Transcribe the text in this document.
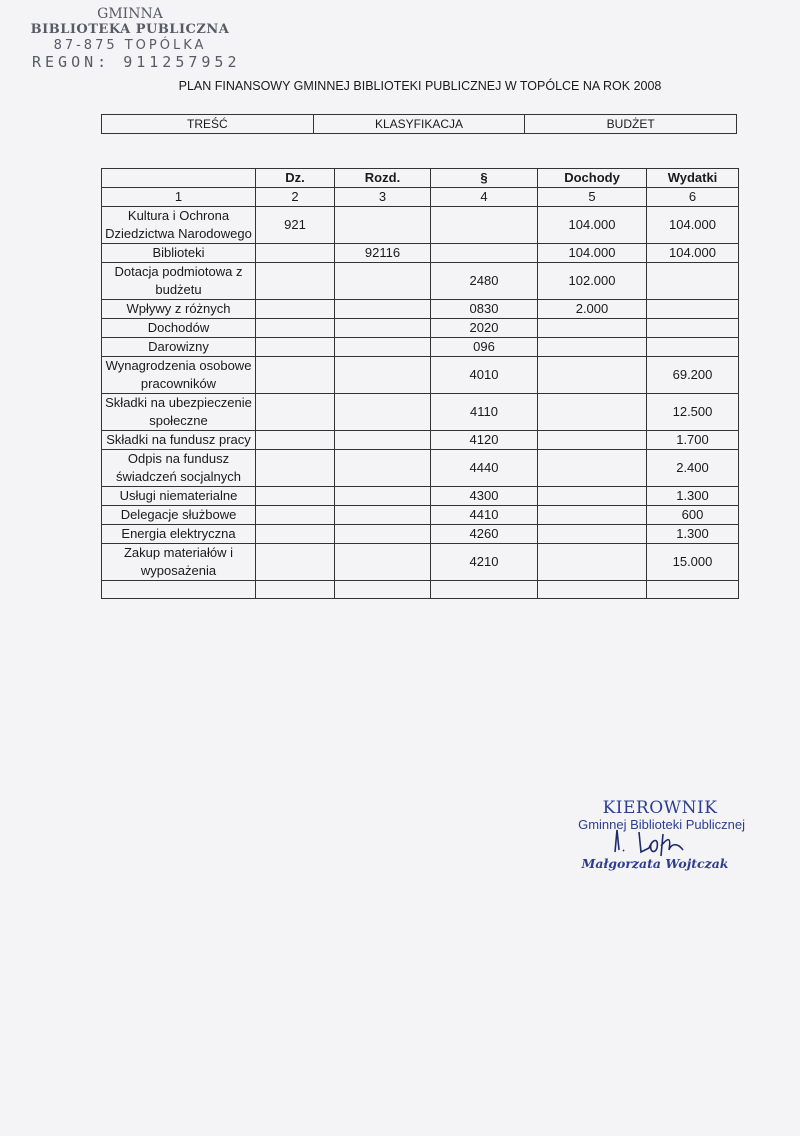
GMINNA
BIBLIOTEKA PUBLICZNA
87-875 TOPÓLKA
REGON: 911257952
PLAN FINANSOWY GMINNEJ BIBLIOTEKI PUBLICZNEJ W TOPÓLCE NA ROK 2008
TREŚĆ	KLASYFIKACJA	BUDŻET
	Dz.	Rozd.	§	Dochody	Wydatki
1	2	3	4	5	6
Kultura i Ochrona Dziedzictwa Narodowego	921			104.000	104.000
Biblioteki		92116		104.000	104.000
Dotacja podmiotowa z budżetu			2480	102.000	
Wpływy z różnych			0830	2.000	
Dochodów			2020		
Darowizny			096		
Wynagrodzenia osobowe pracowników			4010		69.200
Składki na ubezpieczenie społeczne			4110		12.500
Składki na fundusz pracy			4120		1.700
Odpis na fundusz świadczeń socjalnych			4440		2.400
Usługi niematerialne			4300		1.300
Delegacje służbowe			4410		600
Energia elektryczna			4260		1.300
Zakup materiałów i wyposażenia			4210		15.000

KIEROWNIK
Gminnej Biblioteki Publicznej
Małgorzata Wojtczak
